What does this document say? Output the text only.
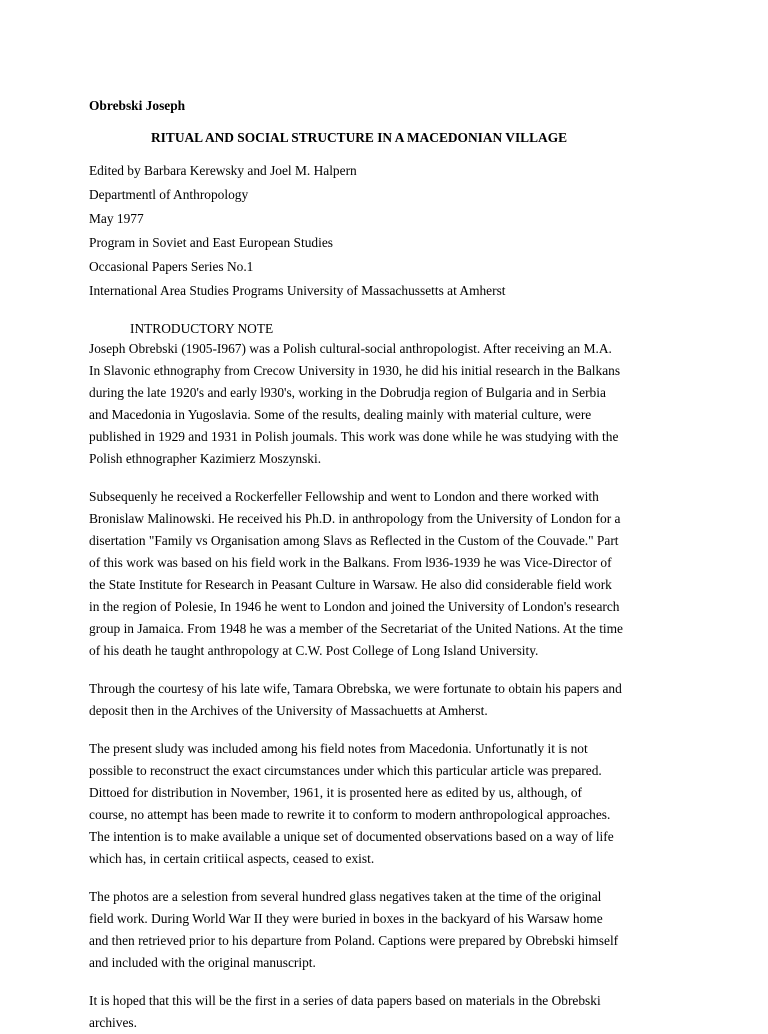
Obrebski Joseph
RITUAL AND SOCIAL STRUCTURE IN A MACEDONIAN VILLAGE
Edited by Barbara Kerewsky and Joel M. Halpern
Departmentl of Anthropology
May 1977
Program in Soviet and East European Studies
Occasional Papers Series No.1
International Area Studies Programs University of Massachussetts at Amherst
INTRODUCTORY NOTE

Joseph Obrebski (1905-I967) was a Polish cultural-social anthropologist. After receiving an M.A.
In Slavonic ethnography from Crecow University in 1930, he did his initial research in the Balkans
during the late 1920's and early l930's, working in the Dobrudja region of Bulgaria and in Serbia
and Macedonia in Yugoslavia. Some of the results, dealing mainly with material culture, were
published in 1929 and 1931 in Polish joumals. This work was done while he was studying with the
Polish ethnographer Kazimierz Moszynski.

Subsequenly he received a Rockerfeller Fellowship and went to London and there worked with
Bronislaw Malinowski. He received his Ph.D. in anthropology from the University of London for a
disertation "Family vs Organisation among Slavs as Reflected in the Custom of the Couvade." Part
of this work was based on his field work in the Balkans. From l936-1939 he was Vice-Director of
the State Institute for Research in Peasant Culture in Warsaw. He also did considerable field work
in the region of Polesie, In 1946 he went to London and joined the University of London's research
group in Jamaica. From 1948 he was a member of the Secretariat of the United Nations. At the time
of his death he taught anthropology at C.W. Post College of Long Island University.

Through the courtesy of his late wife, Tamara Obrebska, we were fortunate to obtain his papers and
deposit then in the Archives of the University of Massachuetts at Amherst.

The present sludy was included among his field notes from Macedonia. Unfortunatly it is not
possible to reconstruct the exact circumstances under which this particular article was prepared.
Dittoed for distribution in November, 1961, it is prosented here as edited by us, although, of
course, no attempt has been made to rewrite it to conform to modern anthropological approaches.
The intention is to make available a unique set of documented observations based on a way of life
which has, in certain critiical aspects, ceased to exist.

The photos are a selestion from several hundred glass negatives taken at the time of the original
field work. During World War II they were buried in boxes in the backyard of his Warsaw home
and then retrieved prior to his departure from Poland. Captions were prepared by Obrebski himself
and included with the original manuscript.

It is hoped that this will be the first in a series of data papers based on materials in the Obrebski
archives.
